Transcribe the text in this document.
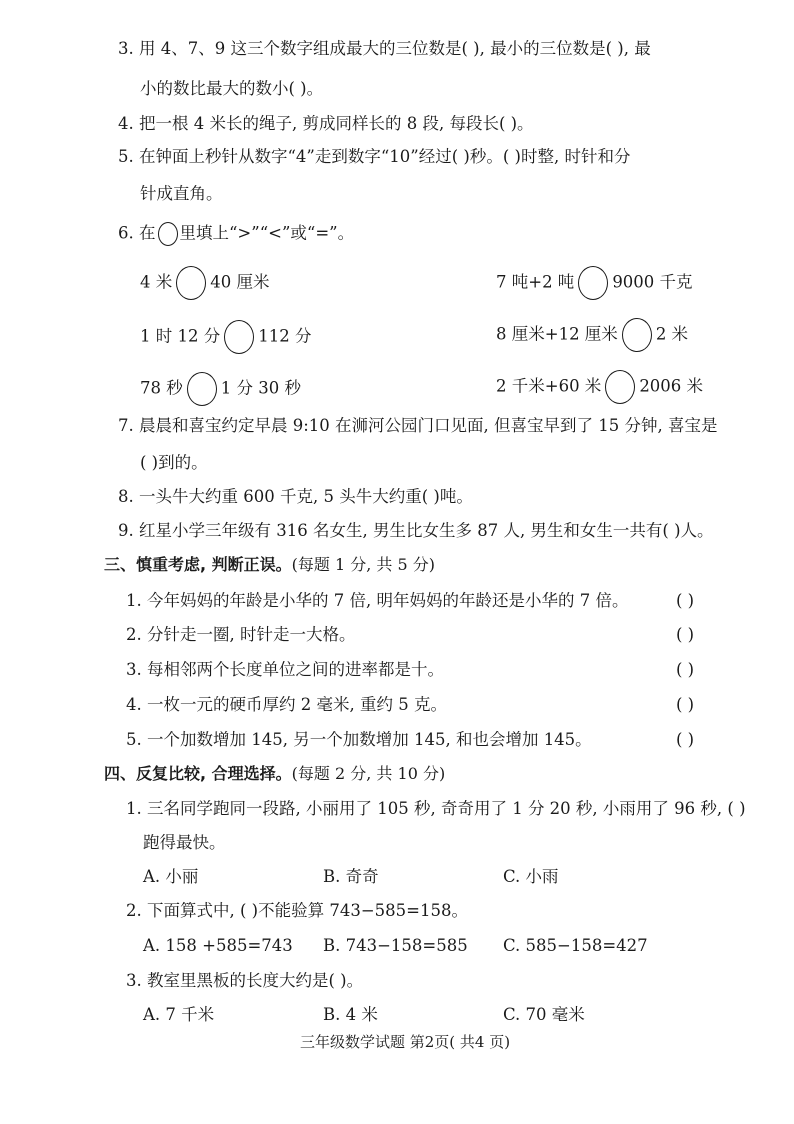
3. 用 4、7、9 这三个数字组成最大的三位数是( ), 最小的三位数是( ), 最
小的数比最大的数小( )。
4. 把一根 4 米长的绳子, 剪成同样长的 8 段, 每段长( )。
5. 在钟面上秒针从数字“4”走到数字“10”经过( )秒。( )时整, 时针和分
针成直角。
6. 在 里填上“>”“<”或“=”。
4 米 40 厘米	7 吨+2 吨 9000 千克
1 时 12 分 112 分	8 厘米+12 厘米 2 米
78 秒 1 分 30 秒	2 千米+60 米 2006 米
7. 晨晨和喜宝约定早晨 9:10 在浉河公园门口见面, 但喜宝早到了 15 分钟, 喜宝是
( )到的。
8. 一头牛大约重 600 千克, 5 头牛大约重( )吨。
9. 红星小学三年级有 316 名女生, 男生比女生多 87 人, 男生和女生一共有( )人。
三、慎重考虑, 判断正误。(每题 1 分, 共 5 分)
1. 今年妈妈的年龄是小华的 7 倍, 明年妈妈的年龄还是小华的 7 倍。	( )
2. 分针走一圈, 时针走一大格。	( )
3. 每相邻两个长度单位之间的进率都是十。	( )
4. 一枚一元的硬币厚约 2 毫米, 重约 5 克。	( )
5. 一个加数增加 145, 另一个加数增加 145, 和也会增加 145。	( )
四、反复比较, 合理选择。(每题 2 分, 共 10 分)
1. 三名同学跑同一段路, 小丽用了 105 秒, 奇奇用了 1 分 20 秒, 小雨用了 96 秒, ( )
跑得最快。
A. 小丽	B. 奇奇	C. 小雨
2. 下面算式中, ( )不能验算 743−585=158。
A. 158 +585=743 B. 743−158=585 C. 585−158=427
3. 教室里黑板的长度大约是( )。
A. 7 千米	B. 4 米	C. 70 毫米
三年级数学试题 第2页( 共4 页)
